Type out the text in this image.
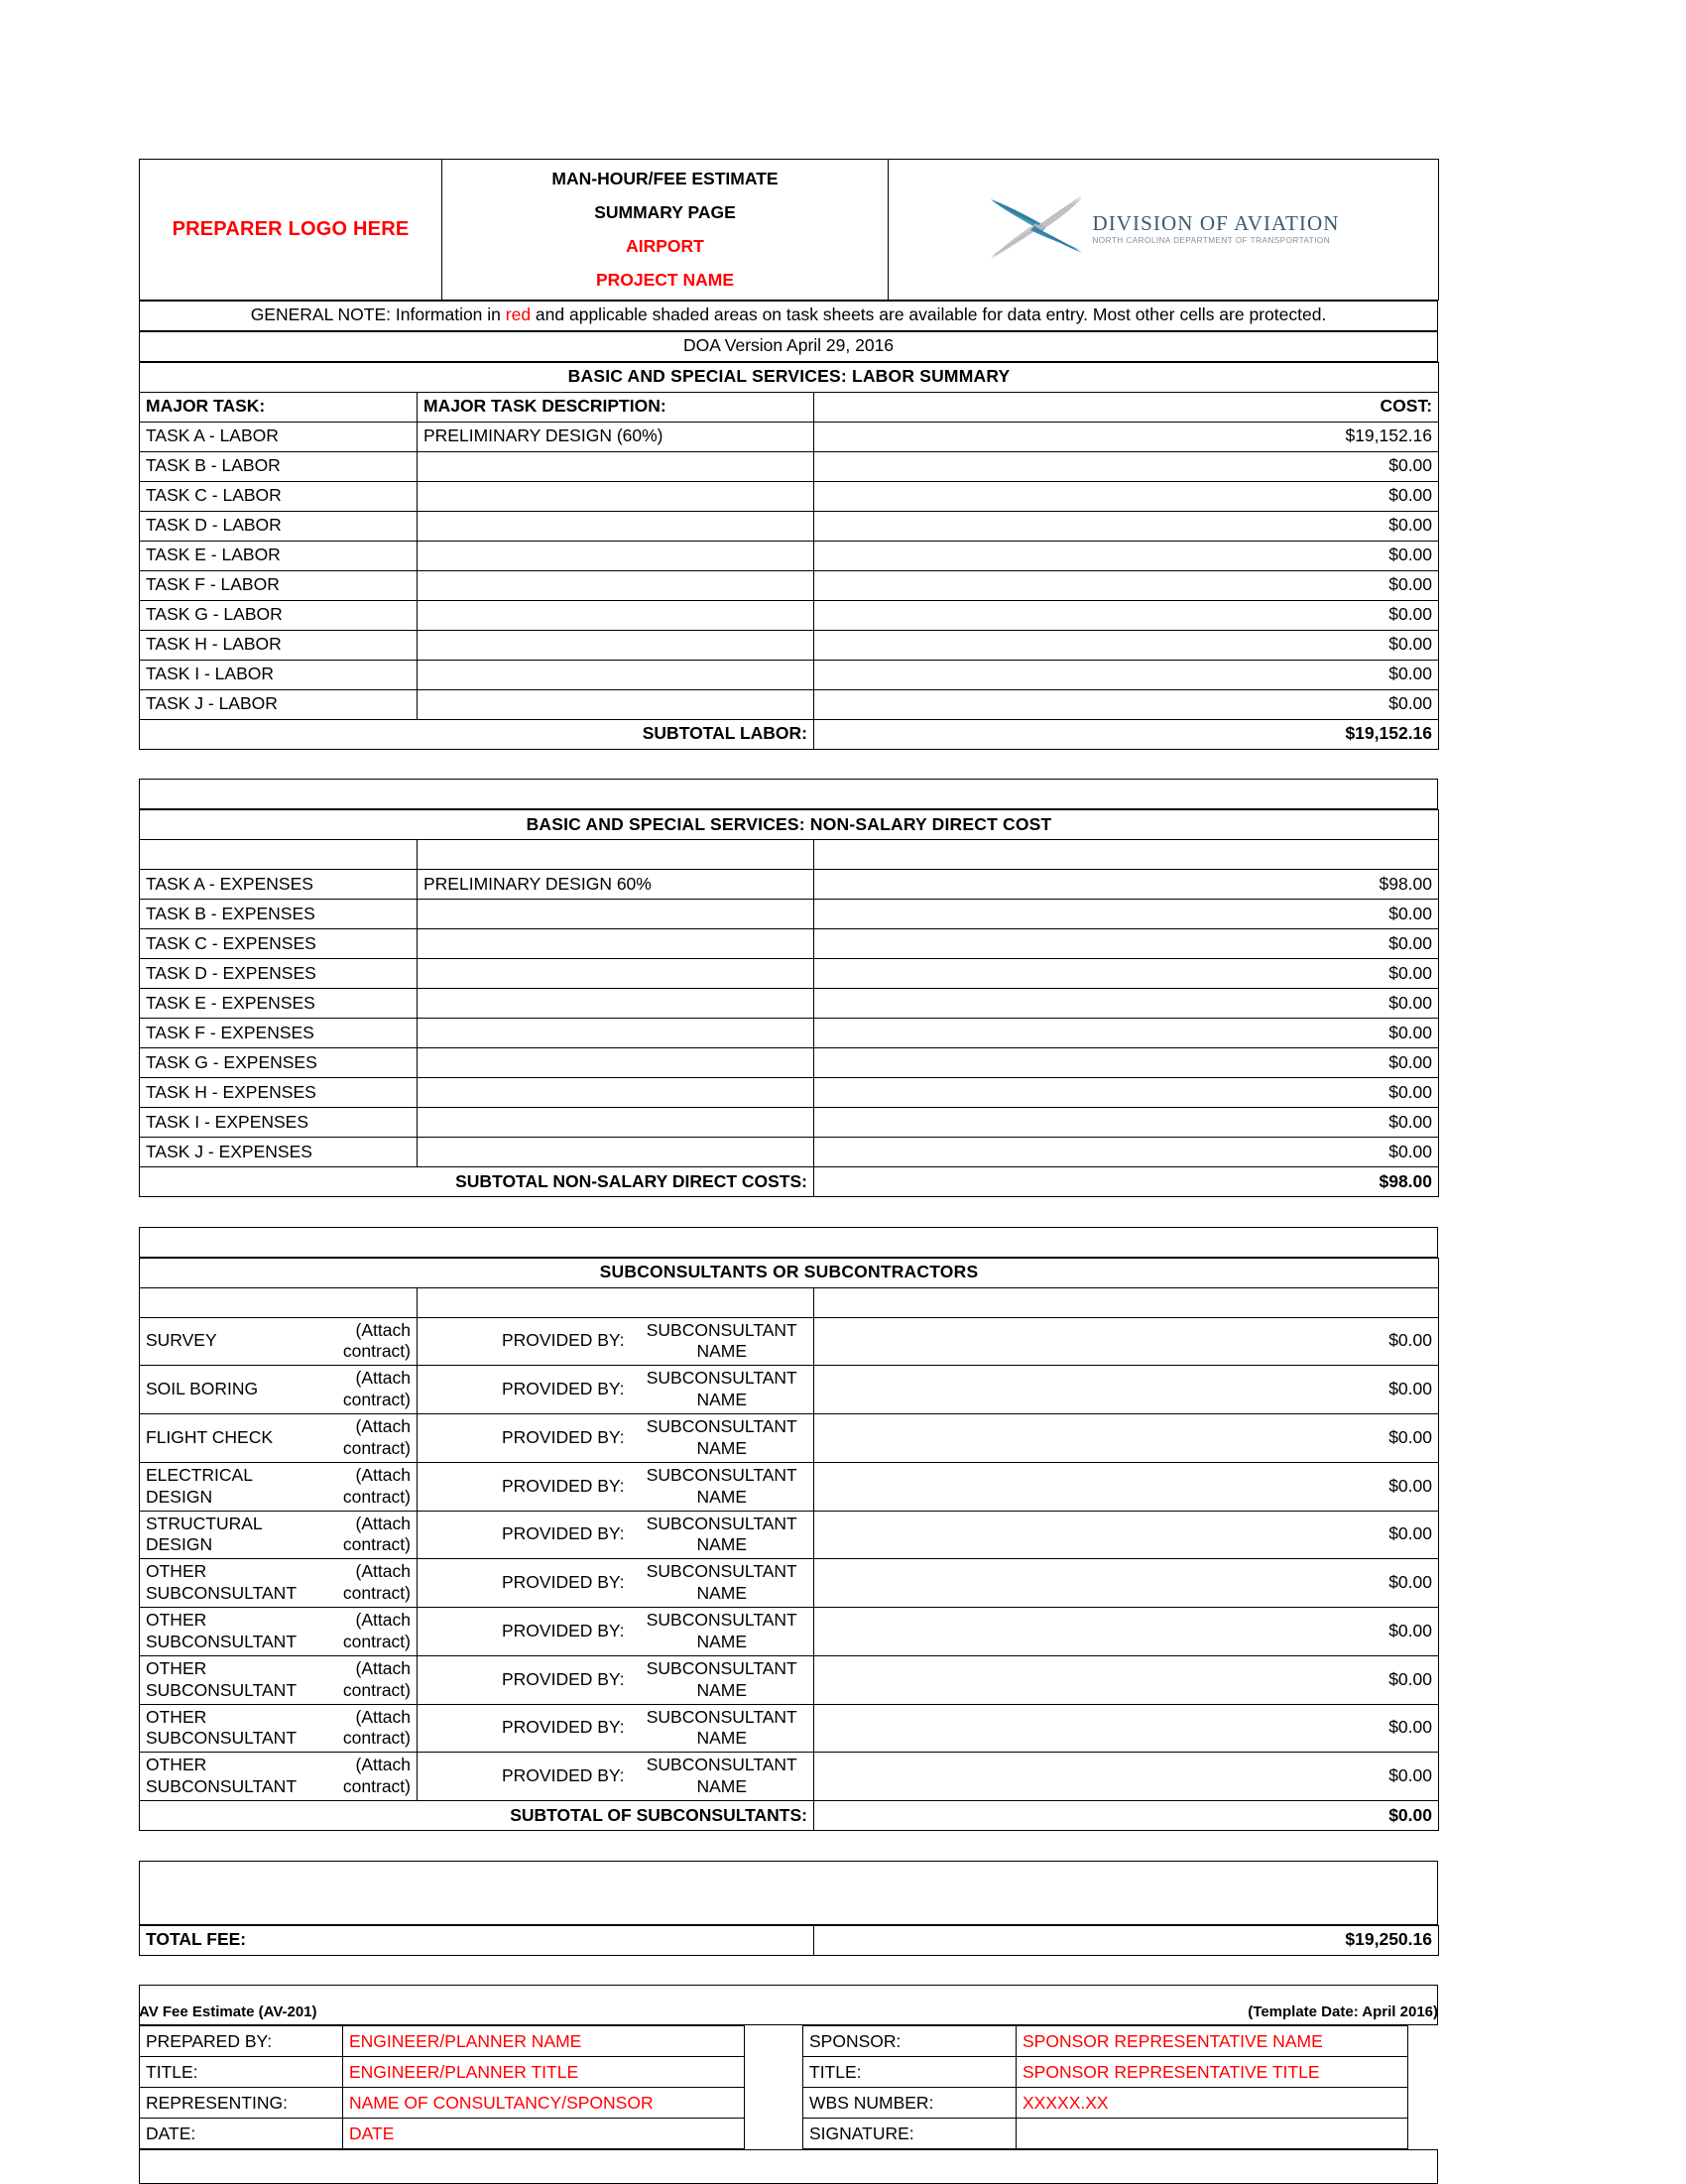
PREPARER LOGO HERE	
MAN-HOUR/FEE ESTIMATE
SUMMARY PAGE
AIRPORT
PROJECT NAME

DIVISION OF AVIATION
NORTH CAROLINA DEPARTMENT OF TRANSPORTATION
GENERAL NOTE: Information in red and applicable shaded areas on task sheets are available for data entry. Most other cells are protected.
DOA Version April 29, 2016
BASIC AND SPECIAL SERVICES: LABOR SUMMARY		
MAJOR TASK:	MAJOR TASK DESCRIPTION:	COST:
TASK A - LABOR	PRELIMINARY DESIGN (60%)	$19,152.16
TASK B - LABOR		$0.00
TASK C - LABOR		$0.00
TASK D - LABOR		$0.00
TASK E - LABOR		$0.00
TASK F - LABOR		$0.00
TASK G - LABOR		$0.00
TASK H - LABOR		$0.00
TASK I - LABOR		$0.00
TASK J - LABOR		$0.00
SUBTOTAL LABOR:		$19,152.16

BASIC AND SPECIAL SERVICES: NON-SALARY DIRECT COST		

TASK A - EXPENSES	PRELIMINARY DESIGN 60%	$98.00
TASK B - EXPENSES		$0.00
TASK C - EXPENSES		$0.00
TASK D - EXPENSES		$0.00
TASK E - EXPENSES		$0.00
TASK F - EXPENSES		$0.00
TASK G - EXPENSES		$0.00
TASK H - EXPENSES		$0.00
TASK I - EXPENSES		$0.00
TASK J - EXPENSES		$0.00
SUBTOTAL NON-SALARY DIRECT COSTS:		$98.00

SUBCONSULTANTS OR SUBCONTRACTORS				

SURVEY	(Attach contract)	PROVIDED BY:	SUBCONSULTANT NAME	$0.00
SOIL BORING	(Attach contract)	PROVIDED BY:	SUBCONSULTANT NAME	$0.00
FLIGHT CHECK	(Attach contract)	PROVIDED BY:	SUBCONSULTANT NAME	$0.00
ELECTRICAL DESIGN	(Attach contract)	PROVIDED BY:	SUBCONSULTANT NAME	$0.00
STRUCTURAL DESIGN	(Attach contract)	PROVIDED BY:	SUBCONSULTANT NAME	$0.00
OTHER SUBCONSULTANT	(Attach contract)	PROVIDED BY:	SUBCONSULTANT NAME	$0.00
OTHER SUBCONSULTANT	(Attach contract)	PROVIDED BY:	SUBCONSULTANT NAME	$0.00
OTHER SUBCONSULTANT	(Attach contract)	PROVIDED BY:	SUBCONSULTANT NAME	$0.00
OTHER SUBCONSULTANT	(Attach contract)	PROVIDED BY:	SUBCONSULTANT NAME	$0.00
OTHER SUBCONSULTANT	(Attach contract)	PROVIDED BY:	SUBCONSULTANT NAME	$0.00
SUBTOTAL OF SUBCONSULTANTS:				$0.00

TOTAL FEE:	$19,250.16

PREPARED BY:	ENGINEER/PLANNER NAME
TITLE:	ENGINEER/PLANNER TITLE
REPRESENTING:	NAME OF CONSULTANCY/SPONSOR
DATE:	DATE
SPONSOR:	SPONSOR REPRESENTATIVE NAME
TITLE:	SPONSOR REPRESENTATIVE TITLE
WBS NUMBER:	XXXXX.XX
SIGNATURE:	
AV Fee Estimate (AV-201)	(Template Date: April 2016)
